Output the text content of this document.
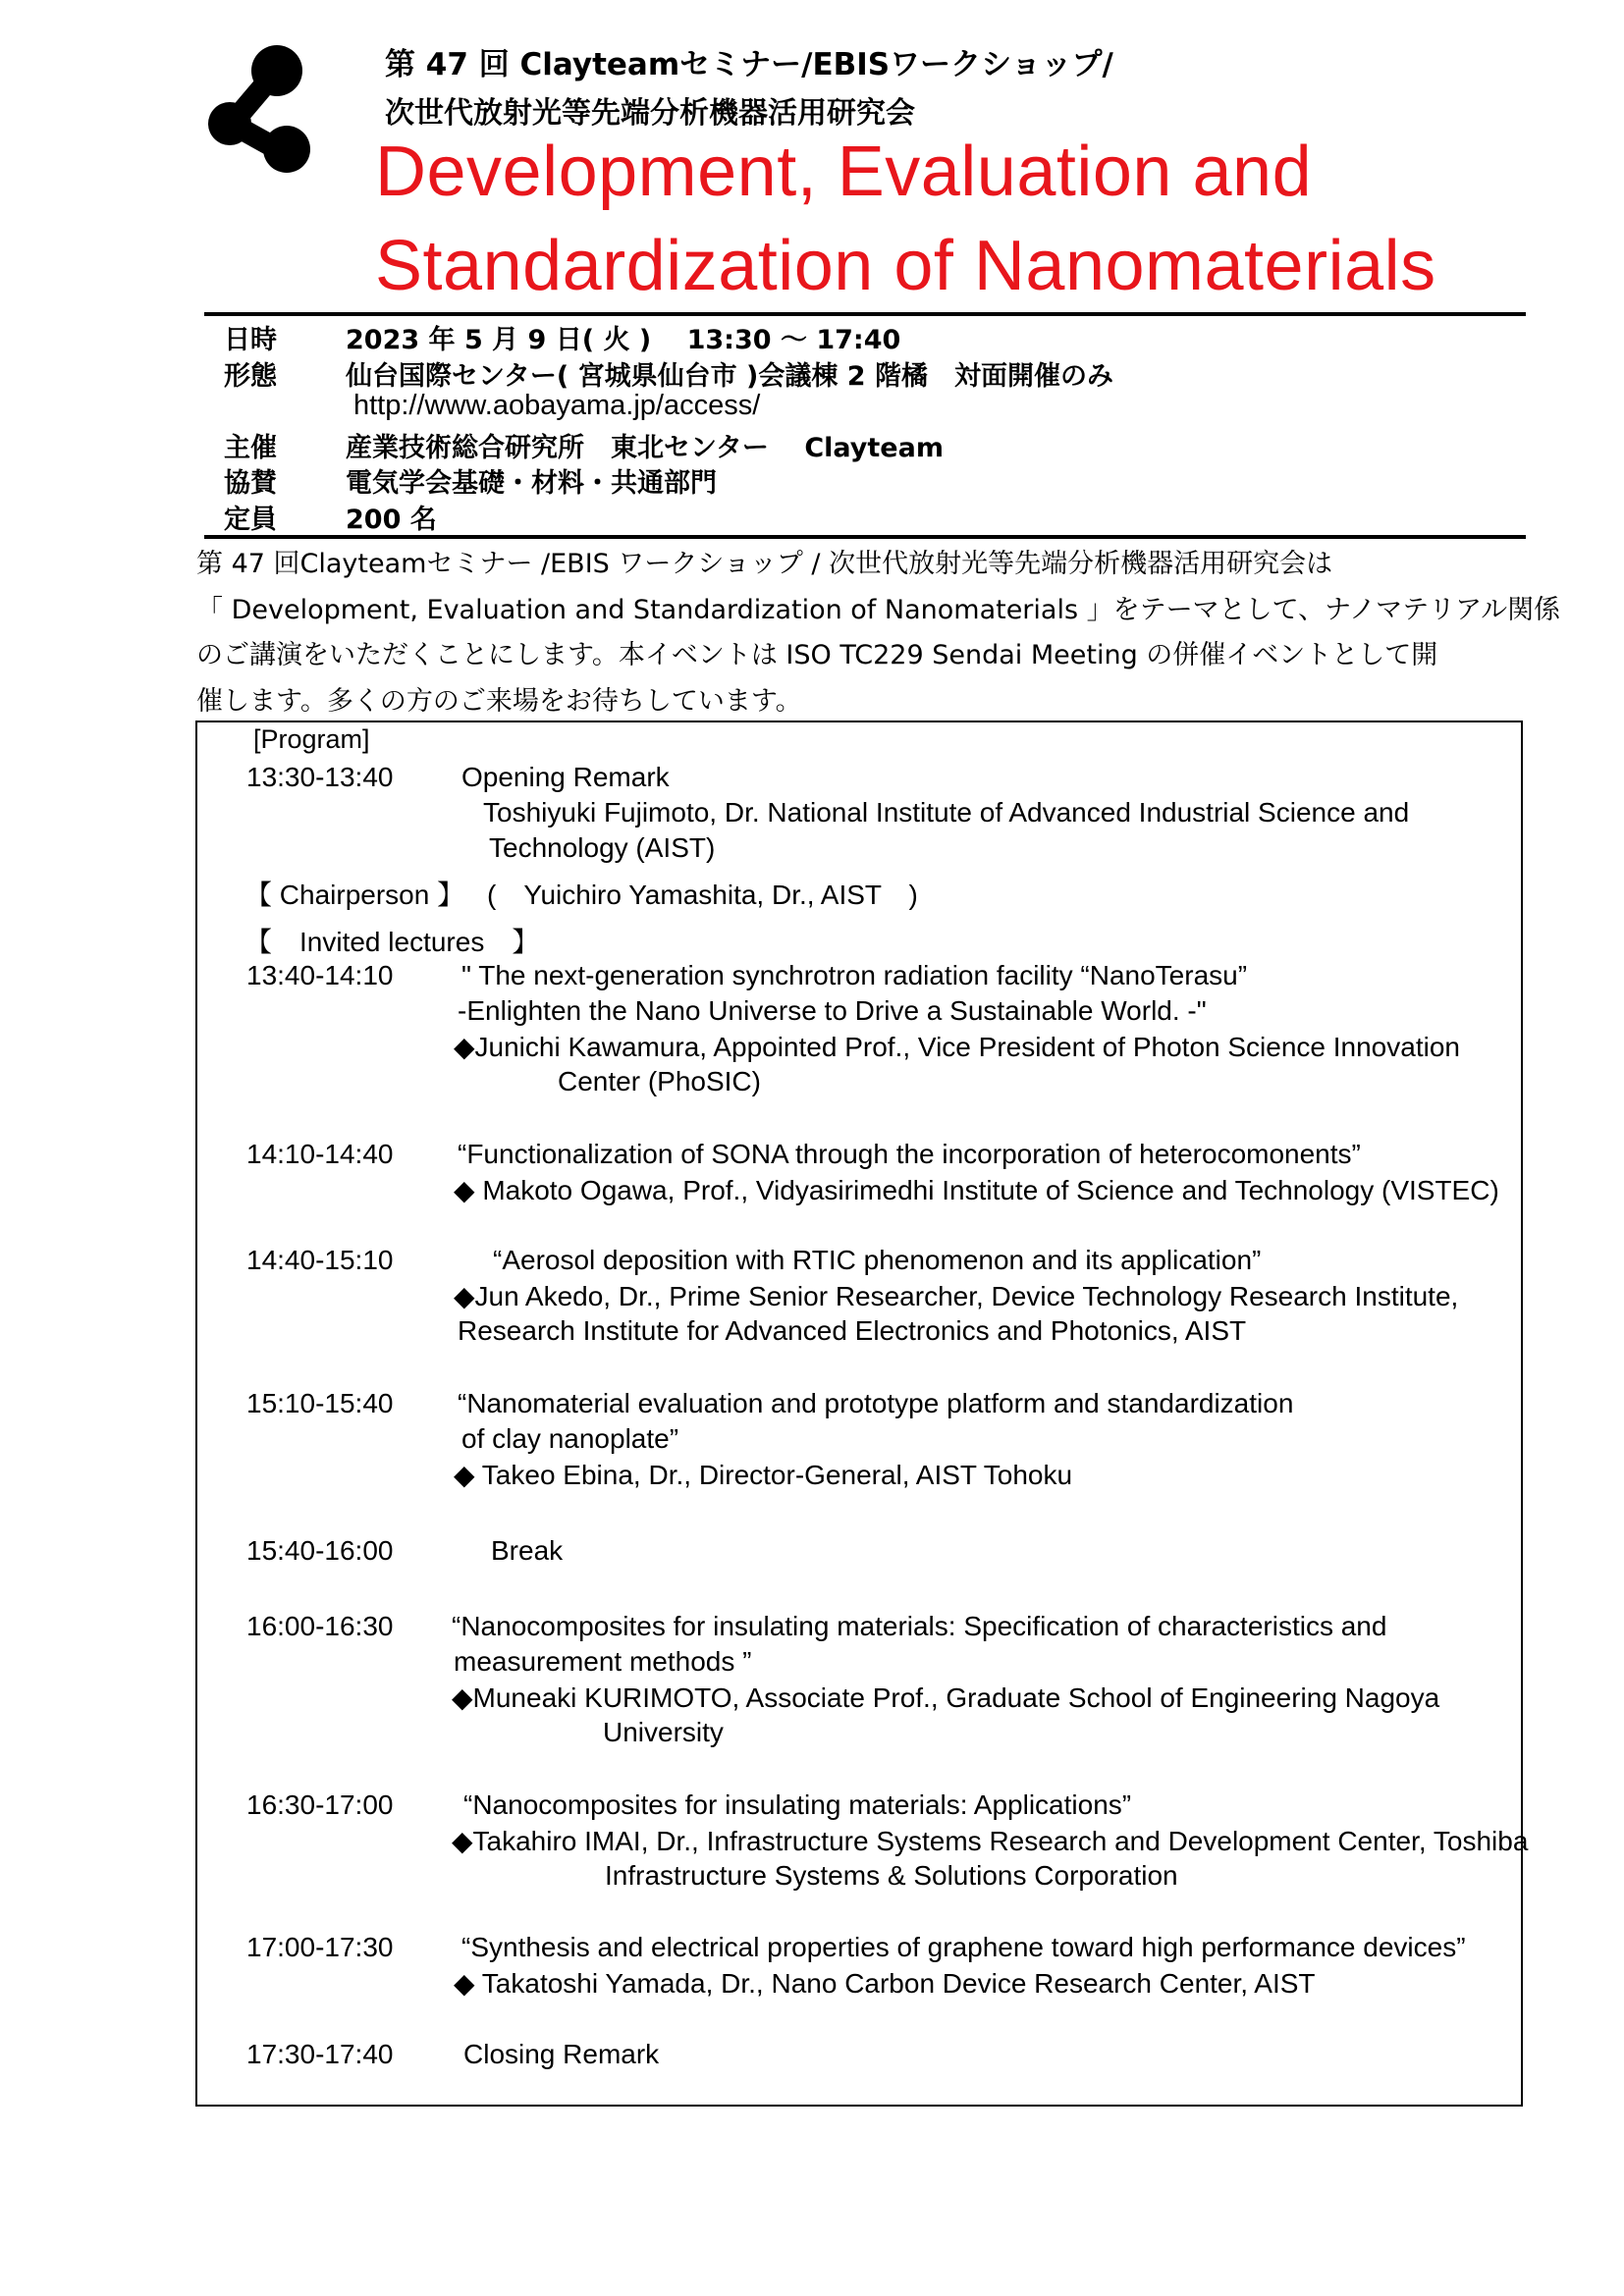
第 47 回 Clayteamセミナー/EBISワークショップ/
次世代放射光等先端分析機器活用研究会
Development, Evaluation and
Standardization of Nanomaterials
日時	2023 年 5 月 9 日( 火 )　 13:30 ～ 17:40
形態	仙台国際センター( 宮城県仙台市 )会議棟 2 階橘　対面開催のみ
http://www.aobayama.jp/access/
主催	産業技術総合研究所　東北センター　 Clayteam
協賛	電気学会基礎・材料・共通部門
定員	200 名
第 47 回Clayteamセミナー /EBIS ワークショップ / 次世代放射光等先端分析機器活用研究会は
「 Development, Evaluation and Standardization of Nanomaterials 」をテーマとして、ナノマテリアル関係
のご講演をいただくことにします。本イベントは ISO TC229 Sendai Meeting の併催イベントとして開
催します。多くの方のご来場をお待ちしています。
[Program]
13:30-13:40 Opening Remark
Toshiyuki Fujimoto, Dr. National Institute of Advanced Industrial Science and
Technology (AIST)
【 Chairperson 】 (　Yuichiro Yamashita, Dr., AIST　)
【　Invited lectures　】
13:40-14:10 " The next-generation synchrotron radiation facility “NanoTerasu”
-Enlighten the Nano Universe to Drive a Sustainable World. -"
◆Junichi Kawamura, Appointed Prof., Vice President of Photon Science Innovation
Center (PhoSIC)
14:10-14:40 “Functionalization of SONA through the incorporation of heterocomonents”
◆ Makoto Ogawa, Prof., Vidyasirimedhi Institute of Science and Technology (VISTEC)
14:40-15:10	“Aerosol deposition with RTIC phenomenon and its application”
◆Jun Akedo, Dr., Prime Senior Researcher, Device Technology Research Institute,
Research Institute for Advanced Electronics and Photonics, AIST
15:10-15:40 “Nanomaterial evaluation and prototype platform and standardization
of clay nanoplate”
◆ Takeo Ebina, Dr., Director-General, AIST Tohoku
15:40-16:00	Break
16:00-16:30 “Nanocomposites for insulating materials: Specification of characteristics and
measurement methods ”
◆Muneaki KURIMOTO, Associate Prof., Graduate School of Engineering Nagoya
University
16:30-17:00	“Nanocomposites for insulating materials: Applications”
◆Takahiro IMAI, Dr., Infrastructure Systems Research and Development Center, Toshiba
Infrastructure Systems & Solutions Corporation
17:00-17:30 “Synthesis and electrical properties of graphene toward high performance devices”
◆ Takatoshi Yamada, Dr., Nano Carbon Device Research Center, AIST
17:30-17:40	Closing Remark
